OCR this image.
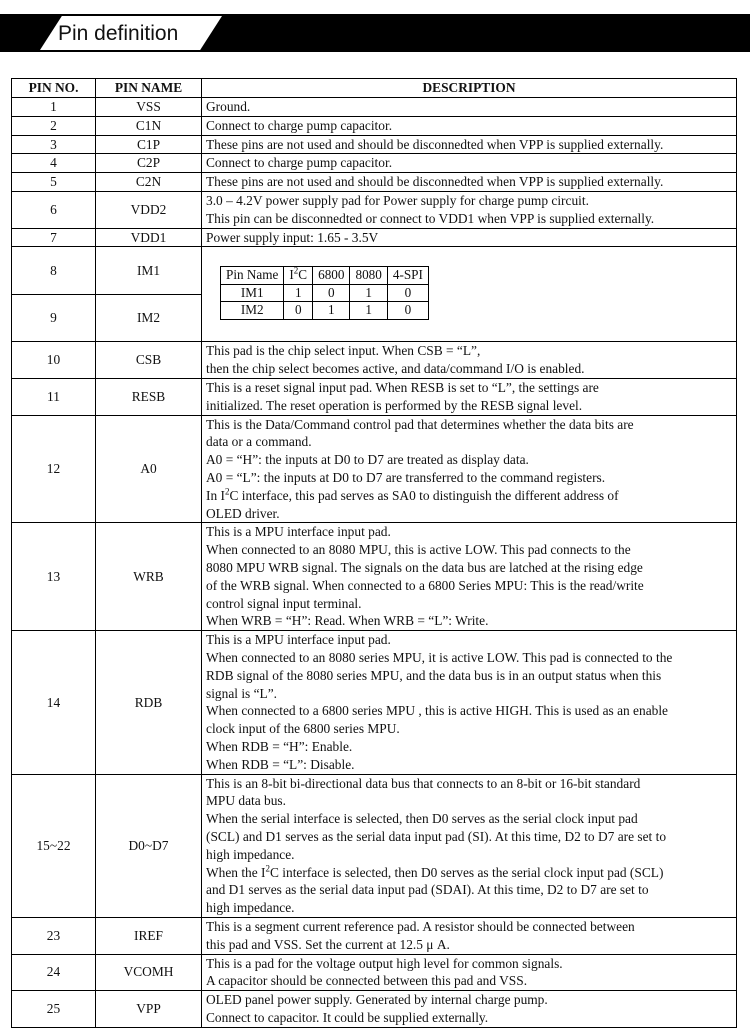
Pin definition
PIN NO.	PIN NAME	DESCRIPTION
1	VSS	Ground.
2	C1N	Connect to charge pump capacitor.
3	C1P	These pins are not used and should be disconnedted when VPP is supplied externally.
4	C2P	Connect to charge pump capacitor.
5	C2N	These pins are not used and should be disconnedted when VPP is supplied externally.
6	VDD2	3.0 – 4.2V power supply pad for Power supply for charge pump circuit.
This pin can be disconnedted or connect to VDD1 when VPP is supplied externally.
7	VDD1	Power supply input: 1.65 - 3.5V
8	IM1		Pin Name	$I^2C$	6800	8080	4-SPI
IM1	1	0	1	0
IM2	0	1	1	0

9	IM2
10	CSB	This pad is the chip select input. When CSB = “L”,
then the chip select becomes active, and data/command I/O is enabled.
11	RESB	This is a reset signal input pad. When RESB is set to “L”, the settings are
initialized. The reset operation is performed by the RESB signal level.
12	A0	This is the Data/Command control pad that determines whether the data bits are
data or a command.
A0 = “H”: the inputs at D0 to D7 are treated as display data.
A0 = “L”: the inputs at D0 to D7 are transferred to the command registers.
In $I^2C$ interface, this pad serves as SA0 to distinguish the different address of
OLED driver.
13	WRB	This is a MPU interface input pad.
When connected to an 8080 MPU, this is active LOW. This pad connects to the
8080 MPU WRB signal. The signals on the data bus are latched at the rising edge
of the WRB signal. When connected to a 6800 Series MPU: This is the read/write
control signal input terminal.
When WRB = “H”: Read. When WRB = “L”: Write.
14	RDB	This is a MPU interface input pad.
When connected to an 8080 series MPU, it is active LOW. This pad is connected to the
RDB signal of the 8080 series MPU, and the data bus is in an output status when this
signal is “L”.
When connected to a 6800 series MPU , this is active HIGH. This is used as an enable
clock input of the 6800 series MPU.
When RDB = “H”: Enable.
When RDB = “L”: Disable.
15~22	D0~D7	This is an 8-bit bi-directional data bus that connects to an 8-bit or 16-bit standard
MPU data bus.
When the serial interface is selected, then D0 serves as the serial clock input pad
(SCL) and D1 serves as the serial data input pad (SI). At this time, D2 to D7 are set to
high impedance.
When the $I^2C$ interface is selected, then D0 serves as the serial clock input pad (SCL)
and D1 serves as the serial data input pad (SDAI). At this time, D2 to D7 are set to
high impedance.
23	IREF	This is a segment current reference pad. A resistor should be connected between
this pad and VSS. Set the current at 12.5 μ A.
24	VCOMH	This is a pad for the voltage output high level for common signals.
A capacitor should be connected between this pad and VSS.
25	VPP	OLED panel power supply. Generated by internal charge pump.
Connect to capacitor. It could be supplied externally.
